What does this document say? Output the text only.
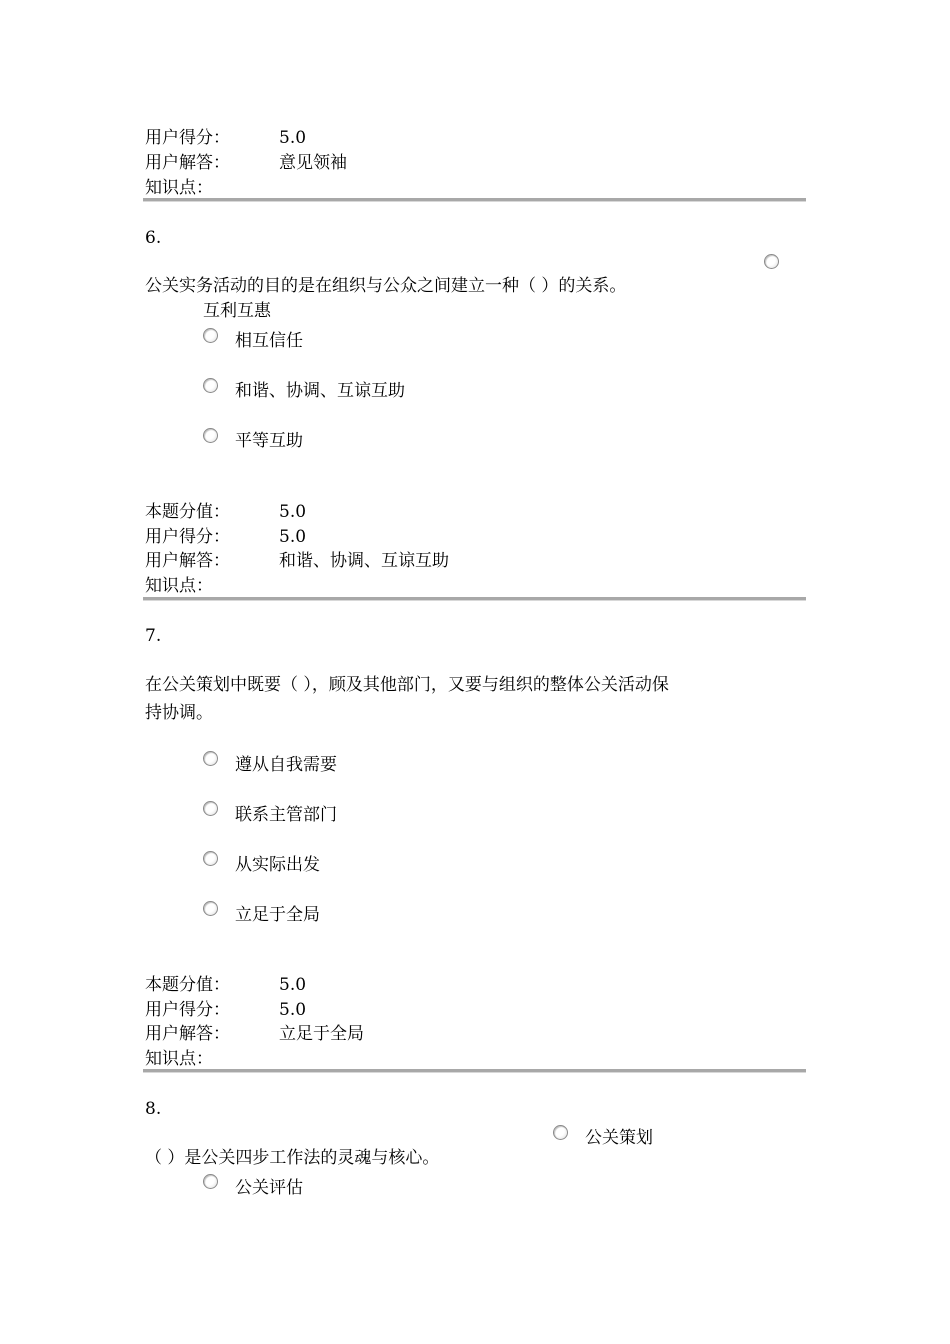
用户得分：	5.0
用户解答：	意见领袖
知识点：
6.
公关实务活动的目的是在组织与公众之间建立一种（ ）的关系。
互利互惠
相互信任
和谐、协调、互谅互助
平等互助
本题分值：	5.0
用户得分：	5.0
用户解答：	和谐、协调、互谅互助
知识点：
7.
在公关策划中既要（ ），顾及其他部门，又要与组织的整体公关活动保
持协调。
遵从自我需要
联系主管部门
从实际出发
立足于全局
本题分值：	5.0
用户得分：	5.0
用户解答：	立足于全局
知识点：
8.
公关策划
（ ）是公关四步工作法的灵魂与核心。
公关评估
